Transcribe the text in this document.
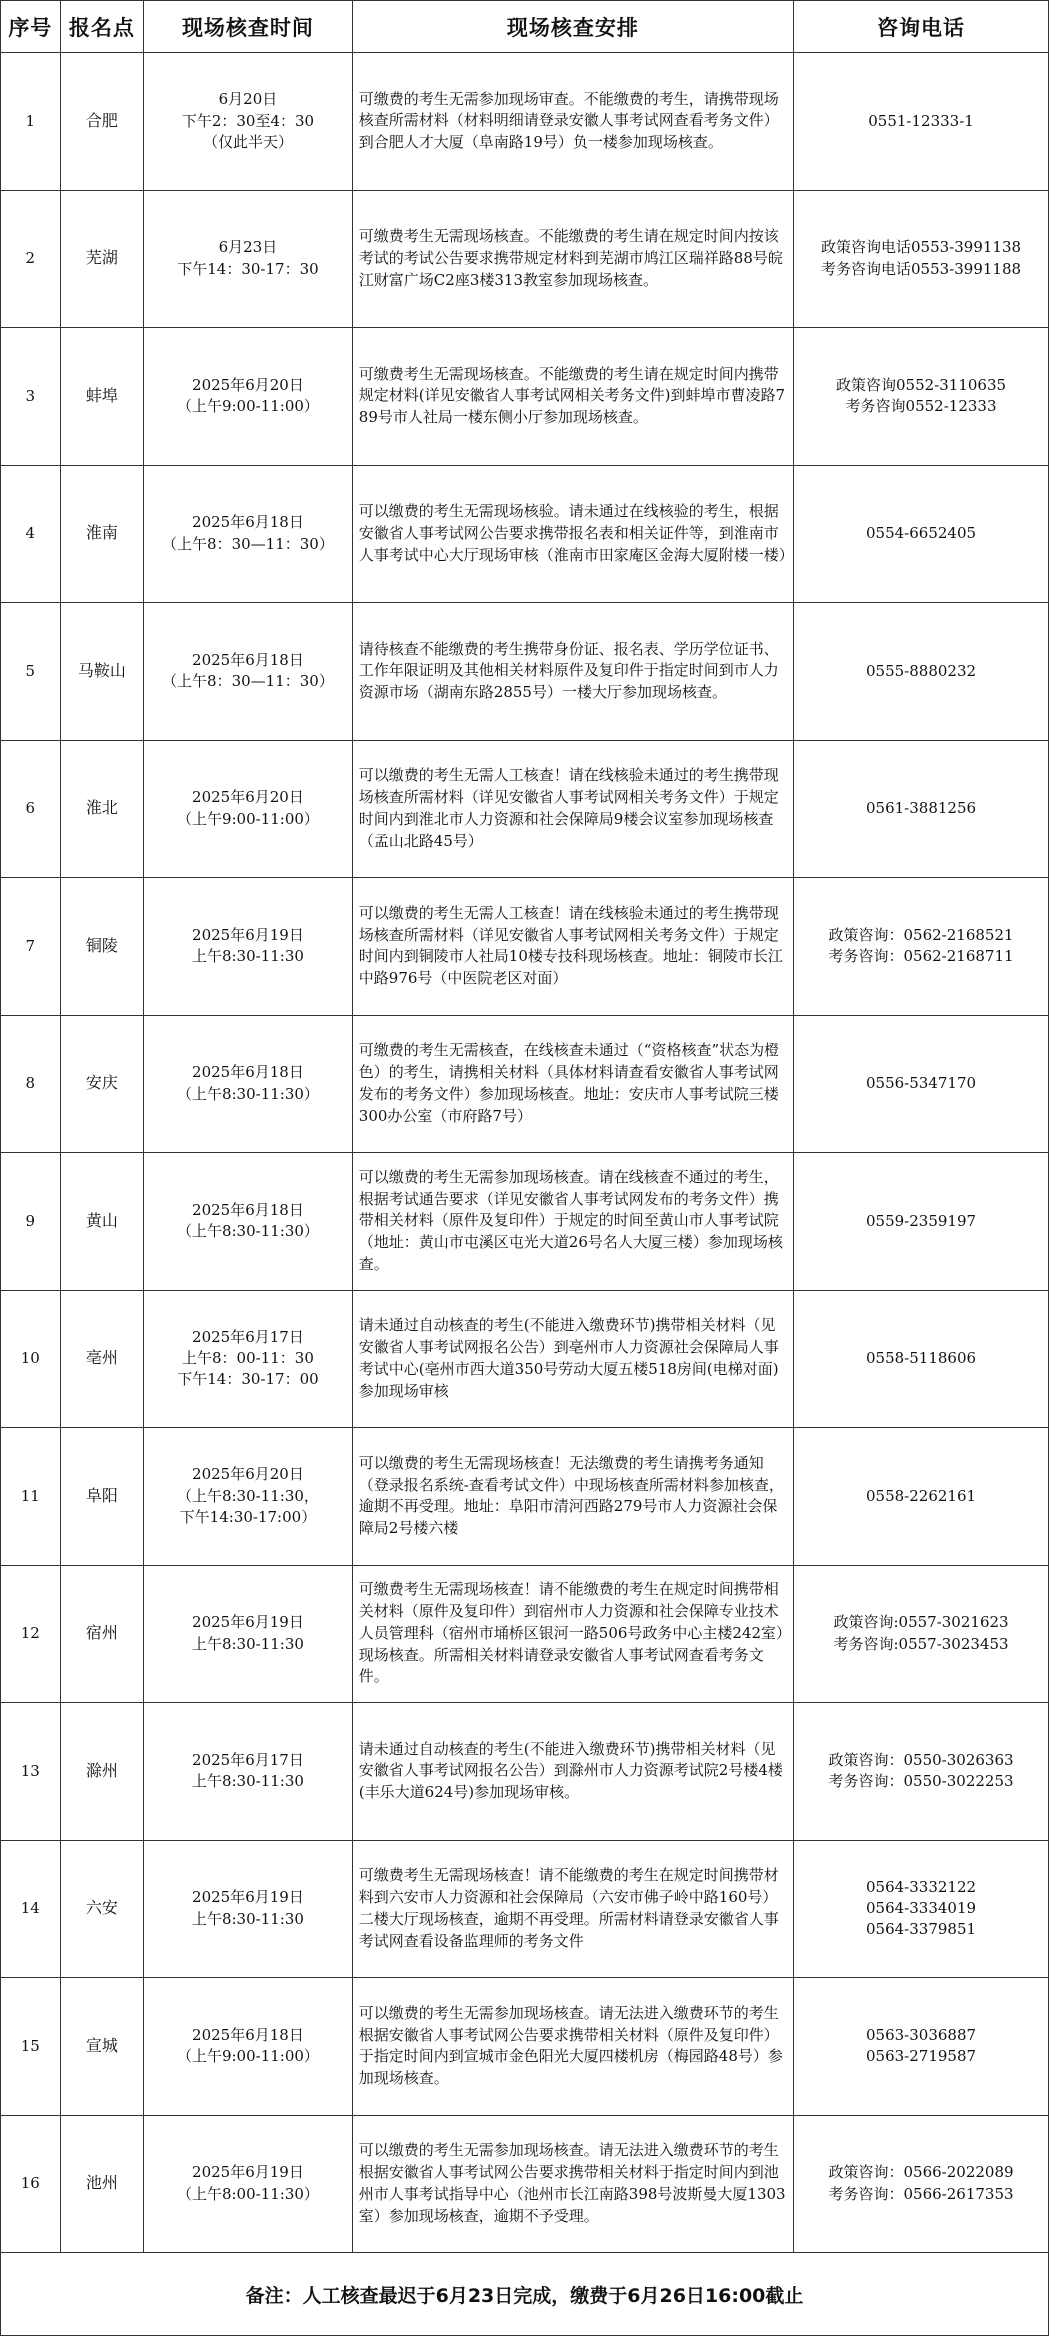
序号	报名点	现场核查时间	现场核查安排	咨询电话
1	合肥	6月20日
下午2：30至4：30
（仅此半天）	可缴费的考生无需参加现场审查。不能缴费的考生，请携带现场核查所需材料（材料明细请登录安徽人事考试网查看考务文件）到合肥人才大厦（阜南路19号）负一楼参加现场核查。	0551-12333-1

2	芜湖	6月23日
下午14：30-17：30	可缴费考生无需现场核查。不能缴费的考生请在规定时间内按该考试的考试公告要求携带规定材料到芜湖市鸠江区瑞祥路88号皖江财富广场C2座3楼313教室参加现场核查。	政策咨询电话0553-3991138
考务咨询电话0553-3991188

3	蚌埠	2025年6月20日
（上午9:00-11:00）	可缴费考生无需现场核查。不能缴费的考生请在规定时间内携带规定材料(详见安徽省人事考试网相关考务文件)到蚌埠市曹凌路789号市人社局一楼东侧小厅参加现场核查。	政策咨询0552-3110635
考务咨询0552-12333

4	淮南	2025年6月18日
（上午8：30—11：30）	可以缴费的考生无需现场核验。请未通过在线核验的考生，根据安徽省人事考试网公告要求携带报名表和相关证件等，到淮南市人事考试中心大厅现场审核（淮南市田家庵区金海大厦附楼一楼）	0554-6652405

5	马鞍山	2025年6月18日
（上午8：30—11：30）	请待核查不能缴费的考生携带身份证、报名表、学历学位证书、工作年限证明及其他相关材料原件及复印件于指定时间到市人力资源市场（湖南东路2855号）一楼大厅参加现场核查。	0555-8880232

6	淮北	2025年6月20日
（上午9:00-11:00）	可以缴费的考生无需人工核查！请在线核验未通过的考生携带现场核查所需材料（详见安徽省人事考试网相关考务文件）于规定时间内到淮北市人力资源和社会保障局9楼会议室参加现场核查（孟山北路45号）	0561-3881256

7	铜陵	2025年6月19日
上午8:30-11:30	可以缴费的考生无需人工核查！请在线核验未通过的考生携带现场核查所需材料（详见安徽省人事考试网相关考务文件）于规定时间内到铜陵市人社局10楼专技科现场核查。地址：铜陵市长江中路976号（中医院老区对面）	政策咨询：0562-2168521
考务咨询：0562-2168711

8	安庆	2025年6月18日
（上午8:30-11:30）	可缴费的考生无需核查，在线核查未通过（“资格核查”状态为橙色）的考生，请携相关材料（具体材料请查看安徽省人事考试网发布的考务文件）参加现场核查。地址：安庆市人事考试院三楼300办公室（市府路7号）	0556-5347170

9	黄山	2025年6月18日
（上午8:30-11:30）	可以缴费的考生无需参加现场核查。请在线核查不通过的考生，根据考试通告要求（详见安徽省人事考试网发布的考务文件）携带相关材料（原件及复印件）于规定的时间至黄山市人事考试院（地址：黄山市屯溪区屯光大道26号名人大厦三楼）参加现场核查。	0559-2359197

10	亳州	2025年6月17日
上午8：00-11：30
下午14：30-17：00	请未通过自动核查的考生(不能进入缴费环节)携带相关材料（见安徽省人事考试网报名公告）到亳州市人力资源社会保障局人事考试中心(亳州市西大道350号劳动大厦五楼518房间(电梯对面)参加现场审核	0558-5118606

11	阜阳	2025年6月20日
（上午8:30-11:30，
下午14:30-17:00）	可以缴费的考生无需现场核查！无法缴费的考生请携考务通知（登录报名系统-查看考试文件）中现场核查所需材料参加核查，逾期不再受理。地址：阜阳市清河西路279号市人力资源社会保障局2号楼六楼	0558-2262161

12	宿州	2025年6月19日
上午8:30-11:30	可缴费考生无需现场核查！请不能缴费的考生在规定时间携带相关材料（原件及复印件）到宿州市人力资源和社会保障专业技术人员管理科（宿州市埇桥区银河一路506号政务中心主楼242室）现场核查。所需相关材料请登录安徽省人事考试网查看考务文件。	政策咨询:0557-3021623
考务咨询:0557-3023453

13	滁州	2025年6月17日
上午8:30-11:30	请未通过自动核查的考生(不能进入缴费环节)携带相关材料（见安徽省人事考试网报名公告）到滁州市人力资源考试院2号楼4楼(丰乐大道624号)参加现场审核。	政策咨询：0550-3026363
考务咨询：0550-3022253

14	六安	2025年6月19日
上午8:30-11:30	可缴费考生无需现场核查！请不能缴费的考生在规定时间携带材料到六安市人力资源和社会保障局（六安市佛子岭中路160号）二楼大厅现场核查，逾期不再受理。所需材料请登录安徽省人事考试网查看设备监理师的考务文件	0564-3332122
0564-3334019
0564-3379851

15	宣城	2025年6月18日
（上午9:00-11:00）	可以缴费的考生无需参加现场核查。请无法进入缴费环节的考生根据安徽省人事考试网公告要求携带相关材料（原件及复印件）于指定时间内到宣城市金色阳光大厦四楼机房（梅园路48号）参加现场核查。	0563-3036887
0563-2719587

16	池州	2025年6月19日
（上午8:00-11:30）	可以缴费的考生无需参加现场核查。请无法进入缴费环节的考生根据安徽省人事考试网公告要求携带相关材料于指定时间内到池州市人事考试指导中心（池州市长江南路398号波斯曼大厦1303室）参加现场核查，逾期不予受理。	政策咨询：0566-2022089
考务咨询：0566-2617353

备注：人工核查最迟于6月23日完成，缴费于6月26日16:00截止				
